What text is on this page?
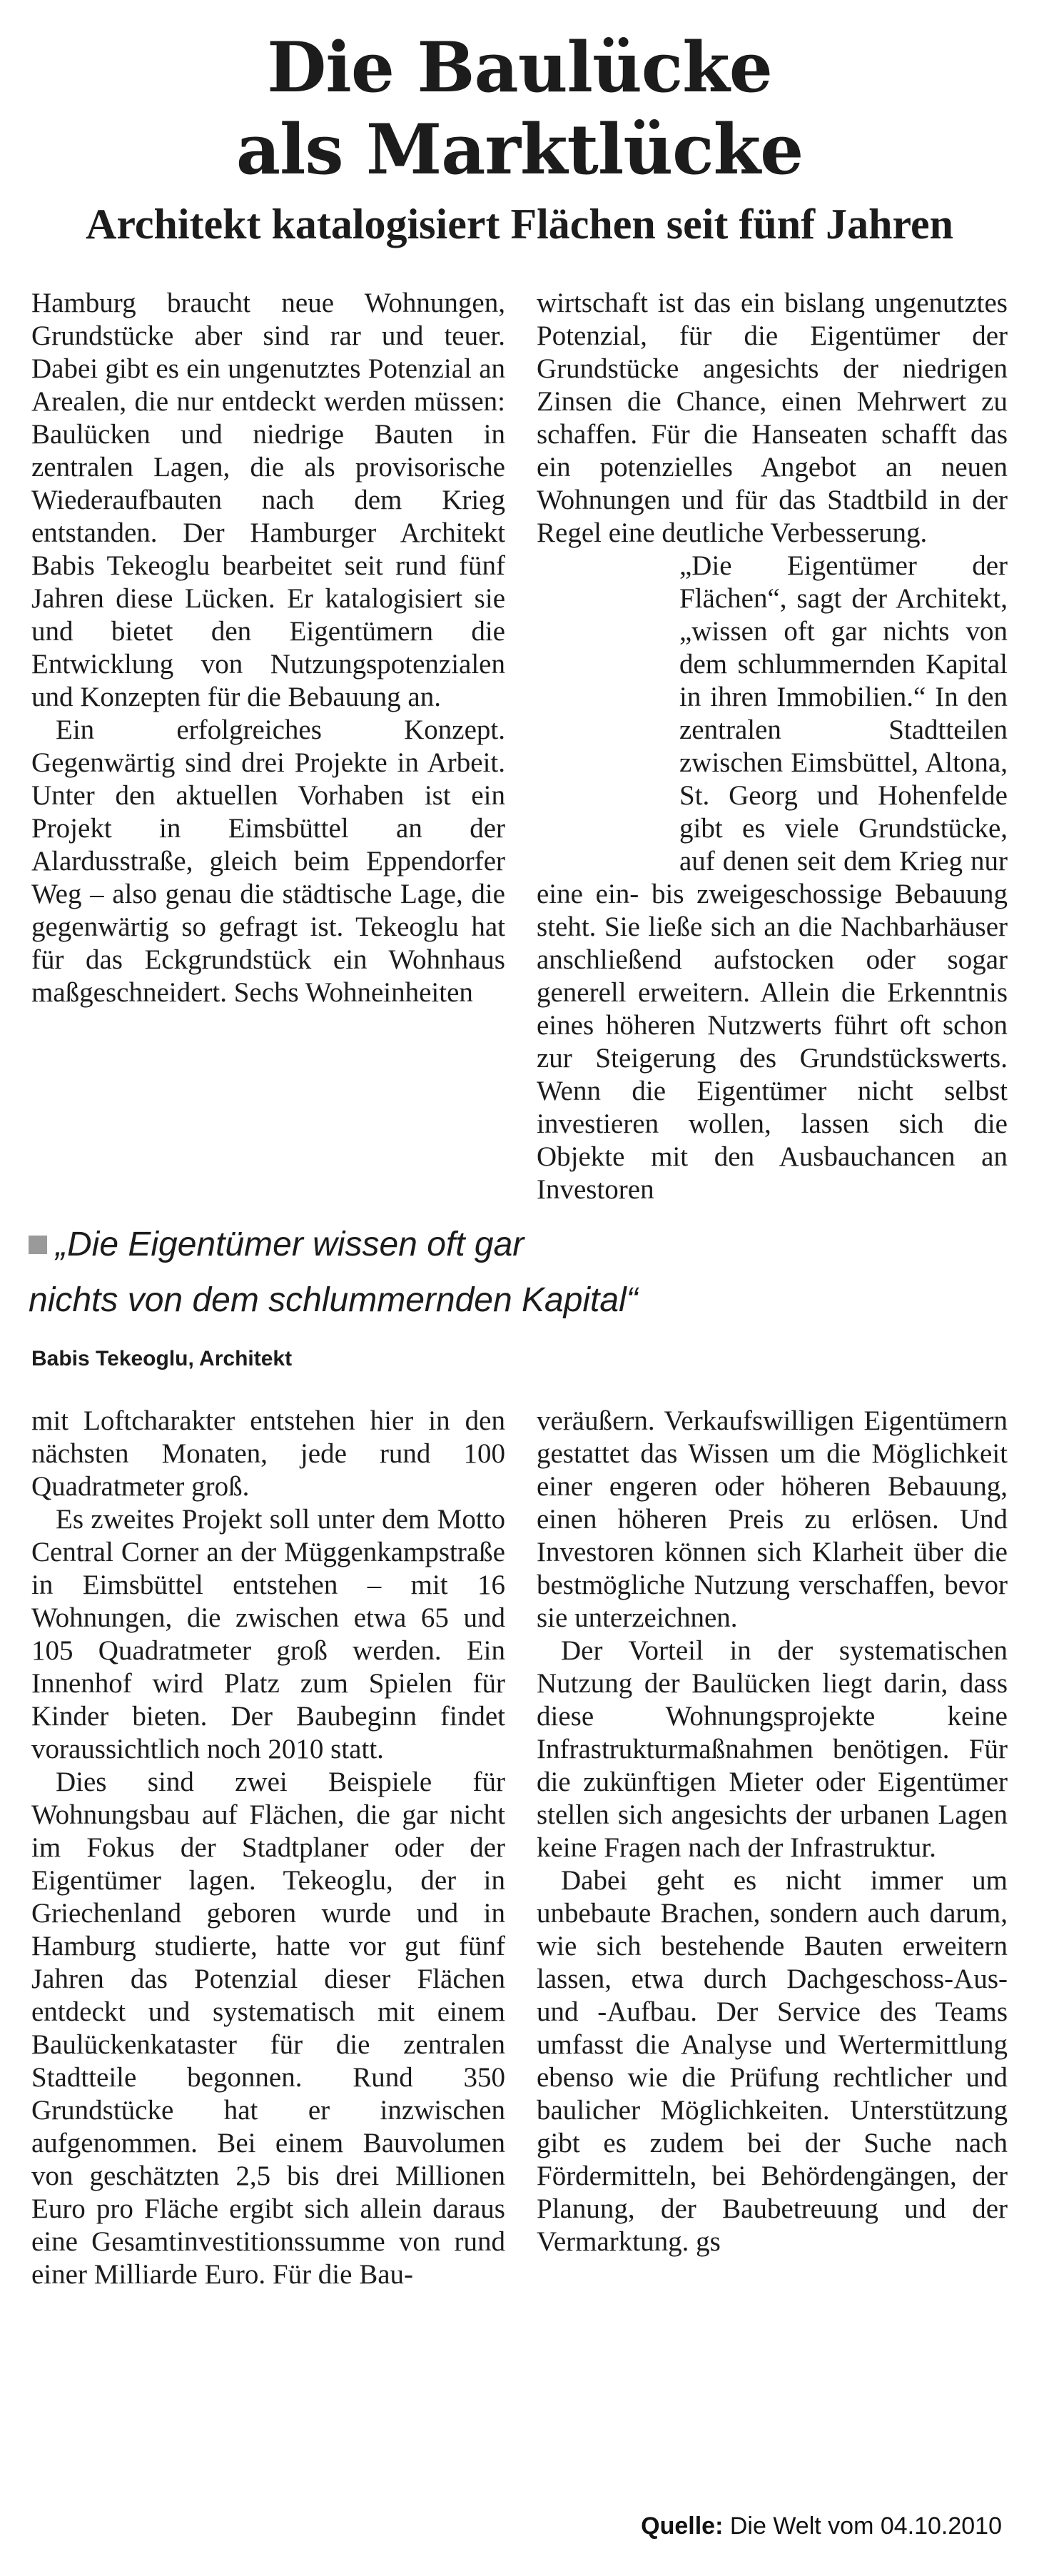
Die Baulücke
als Marktlücke
Architekt katalogisiert Flächen seit fünf Jahren

Hamburg braucht neue Wohnungen, Grundstücke aber sind rar und teuer. Dabei gibt es ein ungenutztes Potenzial an Arealen, die nur entdeckt werden müssen: Baulücken und niedrige Bauten in zentralen Lagen, die als provisorische Wiederaufbauten nach dem Krieg entstanden. Der Hamburger Architekt Babis Tekeoglu bearbeitet seit rund fünf Jahren diese Lücken. Er katalogisiert sie und bietet den Eigentümern die Entwicklung von Nutzungspotenzialen und Konzepten für die Bebauung an.

Ein erfolgreiches Konzept. Gegenwärtig sind drei Projekte in Arbeit. Unter den aktuellen Vorhaben ist ein Projekt in Eimsbüttel an der Alardusstraße, gleich beim Eppendorfer Weg – also genau die städtische Lage, die gegenwärtig so gefragt ist. Tekeoglu hat für das Eckgrundstück ein Wohnhaus maßgeschneidert. Sechs Wohneinheiten

„Die Eigentümer wissen oft gar
nichts von dem schlummernden Kapital“
Babis Tekeoglu, Architekt

mit Loftcharakter entstehen hier in den nächsten Monaten, jede rund 100 Quadratmeter groß.

Es zweites Projekt soll unter dem Motto Central Corner an der Müggenkampstraße in Eimsbüttel entstehen – mit 16 Wohnungen, die zwischen etwa 65 und 105 Quadratmeter groß werden. Ein Innenhof wird Platz zum Spielen für Kinder bieten. Der Baubeginn findet voraussichtlich noch 2010 statt.

Dies sind zwei Beispiele für Wohnungsbau auf Flächen, die gar nicht im Fokus der Stadtplaner oder der Eigentümer lagen. Tekeoglu, der in Griechenland geboren wurde und in Hamburg studierte, hatte vor gut fünf Jahren das Potenzial dieser Flächen entdeckt und systematisch mit einem Baulückenkataster für die zentralen Stadtteile begonnen. Rund 350 Grundstücke hat er inzwischen aufgenommen. Bei einem Bauvolumen von geschätzten 2,5 bis drei Millionen Euro pro Fläche ergibt sich allein daraus eine Gesamtinvestitionssumme von rund einer Milliarde Euro. Für die Bau-

wirtschaft ist das ein bislang ungenutztes Potenzial, für die Eigentümer der Grundstücke angesichts der niedrigen Zinsen die Chance, einen Mehrwert zu schaffen. Für die Hanseaten schafft das ein potenzielles Angebot an neuen Wohnungen und für das Stadtbild in der Regel eine deutliche Verbesserung.

„Die Eigentümer der Flächen“, sagt der Architekt, „wissen oft gar nichts von dem schlummernden Kapital in ihren Immobilien.“ In den zentralen Stadtteilen zwischen Eimsbüttel, Altona, St. Georg und Hohenfelde gibt es viele Grundstücke, auf denen seit dem Krieg nur eine ein- bis zweigeschossige Bebauung steht. Sie ließe sich an die Nachbarhäuser anschließend aufstocken oder sogar generell erweitern. Allein die Erkenntnis eines höheren Nutzwerts führt oft schon zur Steigerung des Grundstückswerts. Wenn die Eigentümer nicht selbst investieren wollen, lassen sich die Objekte mit den Ausbauchancen an Investoren

veräußern. Verkaufswilligen Eigentümern gestattet das Wissen um die Möglichkeit einer engeren oder höheren Bebauung, einen höheren Preis zu erlösen. Und Investoren können sich Klarheit über die bestmögliche Nutzung verschaffen, bevor sie unterzeichnen.

Der Vorteil in der systematischen Nutzung der Baulücken liegt darin, dass diese Wohnungsprojekte keine Infrastrukturmaßnahmen benötigen. Für die zukünftigen Mieter oder Eigentümer stellen sich angesichts der urbanen Lagen keine Fragen nach der Infrastruktur.

Dabei geht es nicht immer um unbebaute Brachen, sondern auch darum, wie sich bestehende Bauten erweitern lassen, etwa durch Dachgeschoss-Aus- und -Aufbau. Der Service des Teams umfasst die Analyse und Wertermittlung ebenso wie die Prüfung rechtlicher und baulicher Möglichkeiten. Unterstützung gibt es zudem bei der Suche nach Fördermitteln, bei Behördengängen, der Planung, der Baubetreuung und der Vermarktung. gs

Quelle: Die Welt vom 04.10.2010
